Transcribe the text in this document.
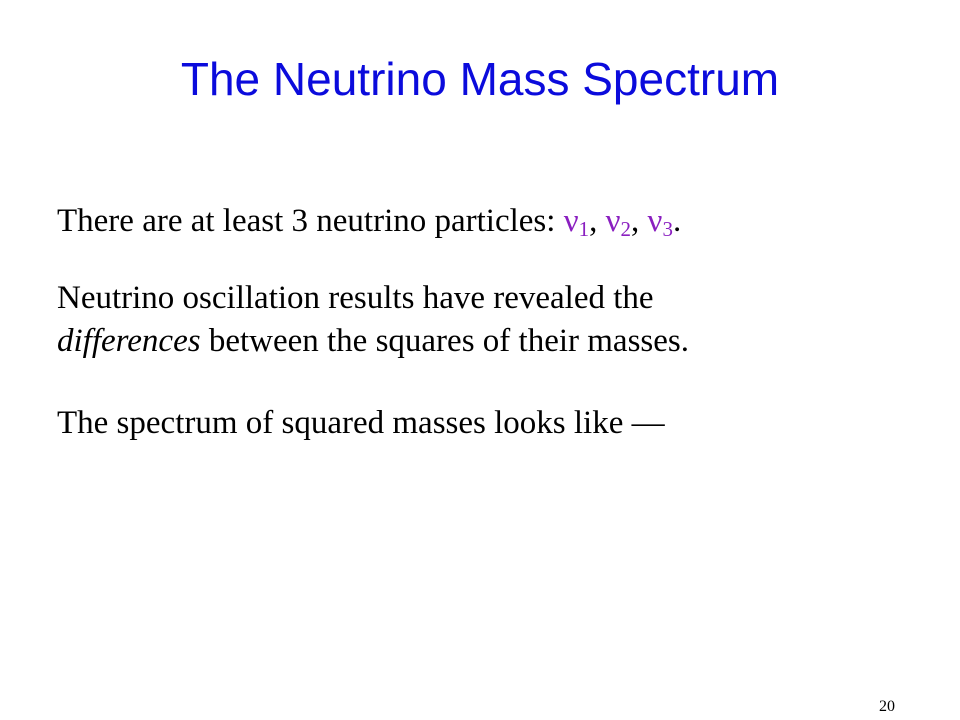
The Neutrino Mass Spectrum
There are at least 3 neutrino particles: $\nu_1$, $\nu_2$, $\nu_3$.
Neutrino oscillation results have revealed the
differences between the squares of their masses.
The spectrum of squared masses looks like —
20
